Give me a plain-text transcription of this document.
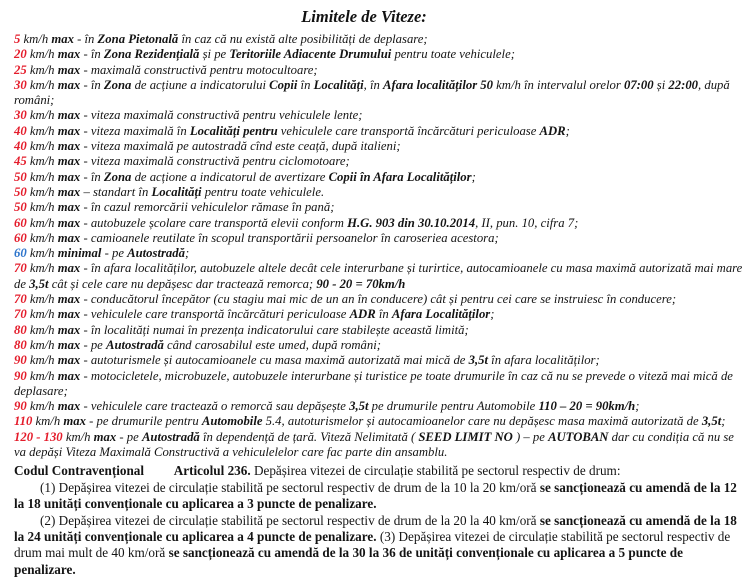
Limitele de Viteze:

5 km/h max - în Zona Pietonală în caz că nu există alte posibilități de deplasare;

20 km/h max - în Zona Rezidențială și pe Teritoriile Adiacente Drumului pentru toate vehiculele;

25 km/h max - maximală constructivă pentru motocultoare;

30 km/h max - în Zona de acțiune a indicatorului Copii în Localități, în Afara localităților 50 km/h în intervalul orelor 07:00 și 22:00, după români;

30 km/h max - viteza maximală constructivă pentru vehiculele lente;

40 km/h max - viteza maximală în Localități pentru vehiculele care transportă încărcături periculoase ADR;

40 km/h max - viteza maximală pe autostradă cînd este ceață, după italieni;

45 km/h max - viteza maximală constructivă pentru ciclomotoare;

50 km/h max - în Zona de acțione a indicatorul de avertizare Copii în Afara Localităților;

50 km/h max – standart în Localități pentru toate vehiculele.

50 km/h max - în cazul remorcării vehiculelor rămase în pană;

60 km/h max - autobuzele școlare care transportă elevii conform H.G. 903 din 30.10.2014, II, pun. 10, cifra 7;

60 km/h max - camioanele reutilate în scopul transportării persoanelor în caroseriea acestora;

60 km/h minimal - pe Autostradă;

70 km/h max - în afara localităților, autobuzele altele decât cele interurbane și turirtice, autocamioanele cu masa maximă autorizată mai mare de 3,5t cât și cele care nu depășesc dar tractează remorca; 90 - 20 = 70km/h

70 km/h max - conducătorul începător (cu stagiu mai mic de un an în conducere) cât și pentru cei care se instruiesc în conducere;

70 km/h max - vehiculele care transportă încărcături periculoase ADR în Afara Localităților;

80 km/h max - în localități numai în prezența indicatorului care stabilește această limită;

80 km/h max - pe Autostradă când carosabilul este umed, după români;

90 km/h max - autoturismele și autocamioanele cu masa maximă autorizată mai mică de 3,5t în afara localităților;

90 km/h max - motocicletele, microbuzele, autobuzele interurbane și turistice pe toate drumurile în caz că nu se prevede o viteză mai mică de deplasare;

90 km/h max - vehiculele care tractează o remorcă sau depășește 3,5t pe drumurile pentru Automobile 110 – 20 = 90km/h;

110 km/h max - pe drumurile pentru Automobile 5.4, autoturismelor și autocamioanelor care nu depășesc masa maximă autorizată de 3,5t;

120 - 130 km/h max - pe Autostradă în dependență de țară. Viteză Nelimitată ( SEED LIMIT NO ) – pe AUTOBAN dar cu condiția că nu se va depăși Viteza Maximală Constructivă a vehiculelelor care fac parte din ansamblu.

Codul Contravențional Articolul 236. Depășirea vitezei de circulație stabilită pe sectorul respectiv de drum:

(1) Depășirea vitezei de circulație stabilită pe sectorul respectiv de drum de la 10 la 20 km/oră se sancționează cu amendă de la 12 la 18 unități convenționale cu aplicarea a 3 puncte de penalizare.

(2) Depășirea vitezei de circulație stabilită pe sectorul respectiv de drum de la 20 la 40 km/oră se sancționează cu amendă de la 18 la 24 unități convenționale cu aplicarea a 4 puncte de penalizare. (3) Depășirea vitezei de circulație stabilită pe sectorul respectiv de drum mai mult de 40 km/oră se sancționează cu amendă de la 30 la 36 de unități convenționale cu aplicarea a 5 puncte de penalizare.
